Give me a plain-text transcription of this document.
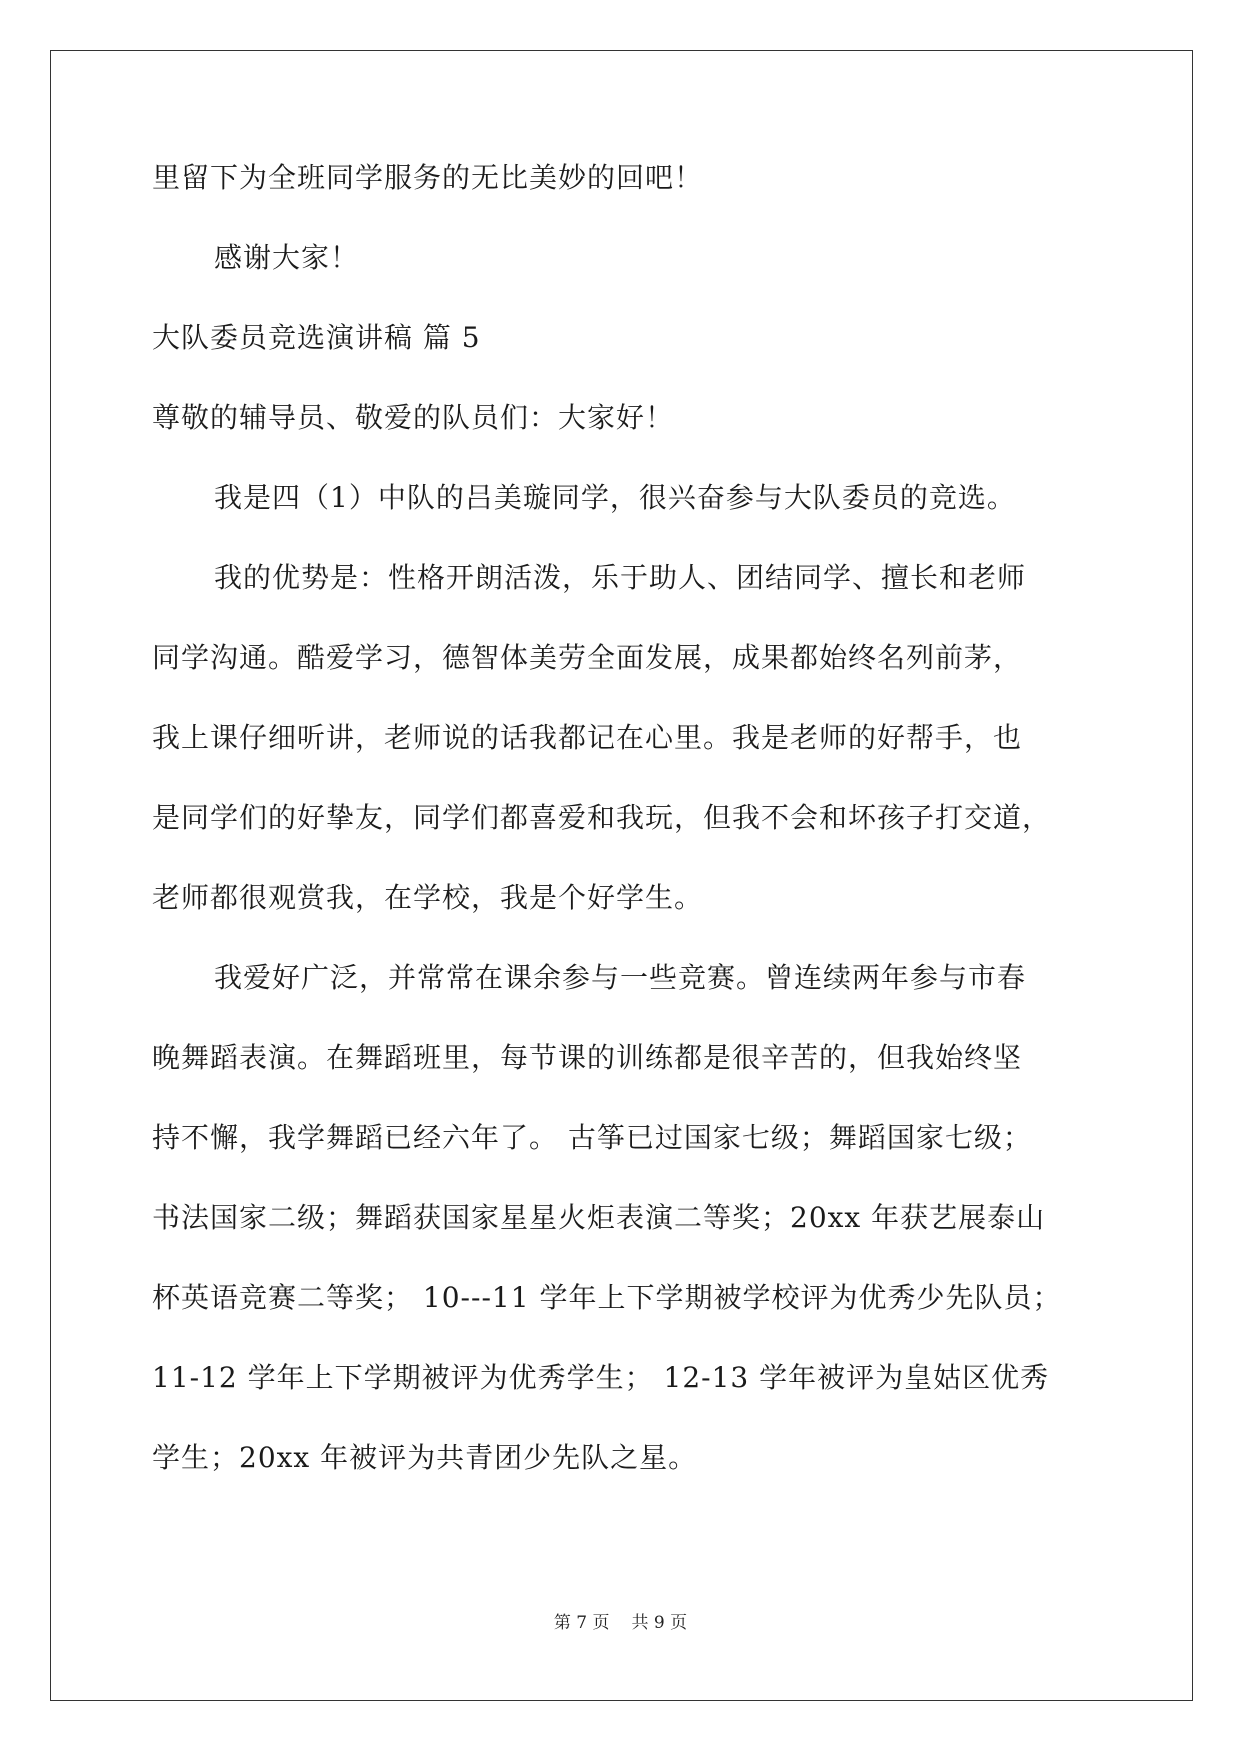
里留下为全班同学服务的无比美妙的回吧！

感谢大家！

大队委员竞选演讲稿 篇 5

尊敬的辅导员、敬爱的队员们：大家好！

我是四（1）中队的吕美璇同学，很兴奋参与大队委员的竞选。

我的优势是：性格开朗活泼，乐于助人、团结同学、擅长和老师

同学沟通。酷爱学习，德智体美劳全面发展，成果都始终名列前茅，

我上课仔细听讲，老师说的话我都记在心里。我是老师的好帮手，也

是同学们的好挚友，同学们都喜爱和我玩，但我不会和坏孩子打交道，

老师都很观赏我，在学校，我是个好学生。

我爱好广泛，并常常在课余参与一些竞赛。曾连续两年参与市春

晚舞蹈表演。在舞蹈班里，每节课的训练都是很辛苦的，但我始终坚

持不懈，我学舞蹈已经六年了。 古筝已过国家七级；舞蹈国家七级；

书法国家二级；舞蹈获国家星星火炬表演二等奖；20xx 年获艺展泰山

杯英语竞赛二等奖； 10---11 学年上下学期被学校评为优秀少先队员；

11-12 学年上下学期被评为优秀学生； 12-13 学年被评为皇姑区优秀

学生；20xx 年被评为共青团少先队之星。

第 7 页 共 9 页
